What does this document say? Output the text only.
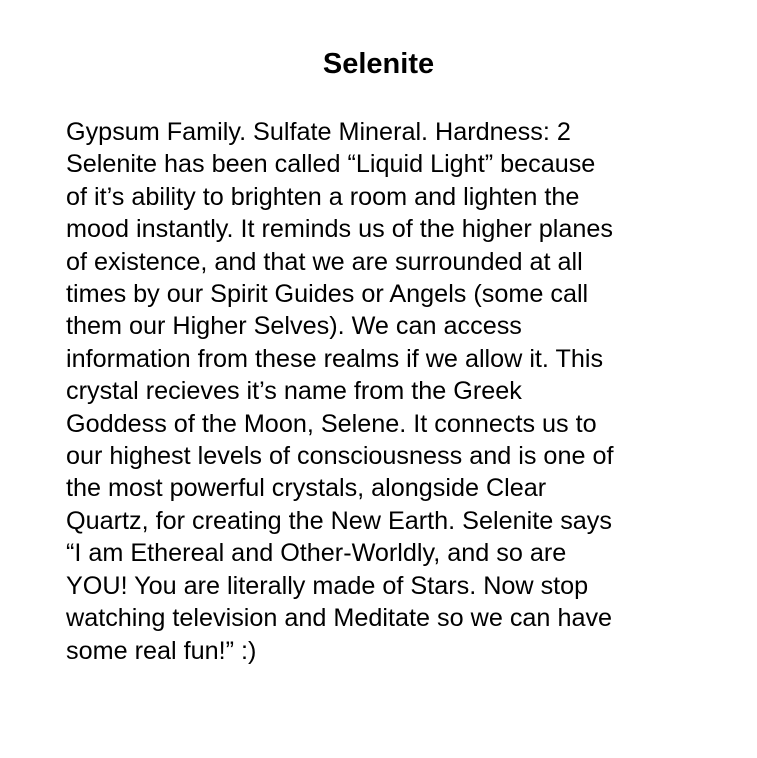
Selenite
Gypsum Family. Sulfate Mineral. Hardness: 2
Selenite has been called “Liquid Light” because
of it’s ability to brighten a room and lighten the
mood instantly. It reminds us of the higher planes
of existence, and that we are surrounded at all
times by our Spirit Guides or Angels (some call
them our Higher Selves). We can access
information from these realms if we allow it. This
crystal recieves it’s name from the Greek
Goddess of the Moon, Selene. It connects us to
our highest levels of consciousness and is one of
the most powerful crystals, alongside Clear
Quartz, for creating the New Earth. Selenite says
“I am Ethereal and Other-Worldly, and so are
YOU! You are literally made of Stars. Now stop
watching television and Meditate so we can have
some real fun!” :)
